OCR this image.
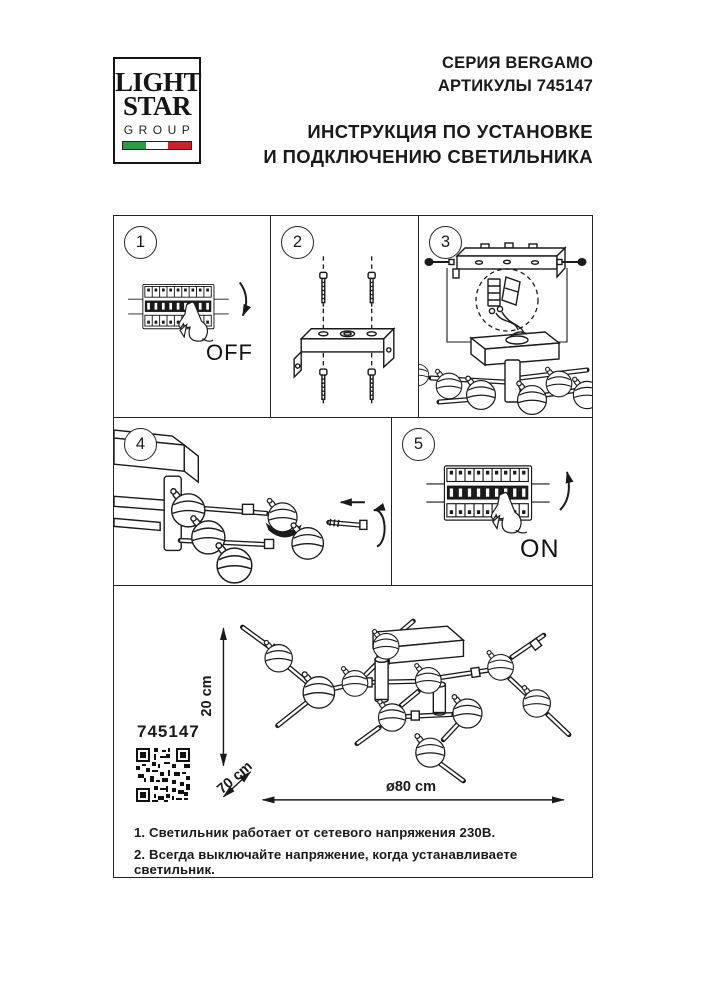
LIGHT
STAR
GROUP
СЕРИЯ BERGAMO
АРТИКУЛЫ 745147
ИНСТРУКЦИЯ ПО УСТАНОВКЕ
И ПОДКЛЮЧЕНИЮ СВЕТИЛЬНИКА
1
OFF
2	3
4	5
ON
745147
20 cm
70 cm	ø80 cm
1. Светильник работает от сетевого напряжения 230В.
2. Всегда выключайте напряжение, когда устанавливаете светильник.
